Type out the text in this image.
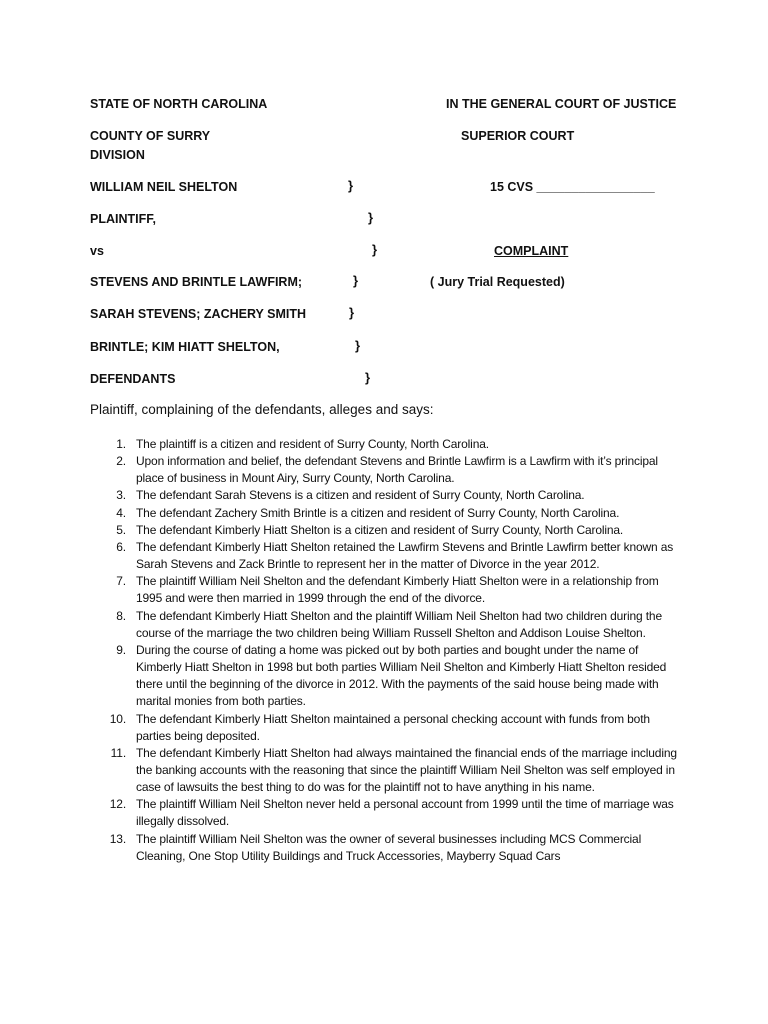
STATE OF NORTH CAROLINA	IN THE GENERAL COURT OF JUSTICE
COUNTY OF SURRY	SUPERIOR COURT
DIVISION
WILLIAM NEIL SHELTON	}	15 CVS _________________
PLAINTIFF,	}
vs	}	COMPLAINT
STEVENS AND BRINTLE LAWFIRM;	}	( Jury Trial Requested)
SARAH STEVENS; ZACHERY SMITH	}
BRINTLE; KIM HIATT SHELTON,	}
DEFENDANTS	}
Plaintiff, complaining of the defendants, alleges and says:
1. The plaintiff is a citizen and resident of Surry County, North Carolina.
2. Upon information and belief, the defendant Stevens and Brintle Lawfirm is a Lawfirm with it’s principal place of business in Mount Airy, Surry County, North Carolina.
3. The defendant Sarah Stevens is a citizen and resident of Surry County, North Carolina.
4. The defendant Zachery Smith Brintle is a citizen and resident of Surry County, North Carolina.
5. The defendant Kimberly Hiatt Shelton is a citizen and resident of Surry County, North Carolina.
6. The defendant Kimberly Hiatt Shelton retained the Lawfirm Stevens and Brintle Lawfirm better known as Sarah Stevens and Zack Brintle to represent her in the matter of Divorce in the year 2012.
7. The plaintiff William Neil Shelton and the defendant Kimberly Hiatt Shelton were in a relationship from 1995 and were then married in 1999 through the end of the divorce.
8. The defendant Kimberly Hiatt Shelton and the plaintiff William Neil Shelton had two children during the course of the marriage the two children being William Russell Shelton and Addison Louise Shelton.
9. During the course of dating a home was picked out by both parties and bought under the name of Kimberly Hiatt Shelton in 1998 but both parties William Neil Shelton and Kimberly Hiatt Shelton resided there until the beginning of the divorce in 2012. With the payments of the said house being made with marital monies from both parties.
10. The defendant Kimberly Hiatt Shelton maintained a personal checking account with funds from both parties being deposited.
11. The defendant Kimberly Hiatt Shelton had always maintained the financial ends of the marriage including the banking accounts with the reasoning that since the plaintiff William Neil Shelton was self employed in case of lawsuits the best thing to do was for the plaintiff not to have anything in his name.
12. The plaintiff William Neil Shelton never held a personal account from 1999 until the time of marriage was illegally dissolved.
13. The plaintiff William Neil Shelton was the owner of several businesses including MCS Commercial Cleaning, One Stop Utility Buildings and Truck Accessories, Mayberry Squad Cars
